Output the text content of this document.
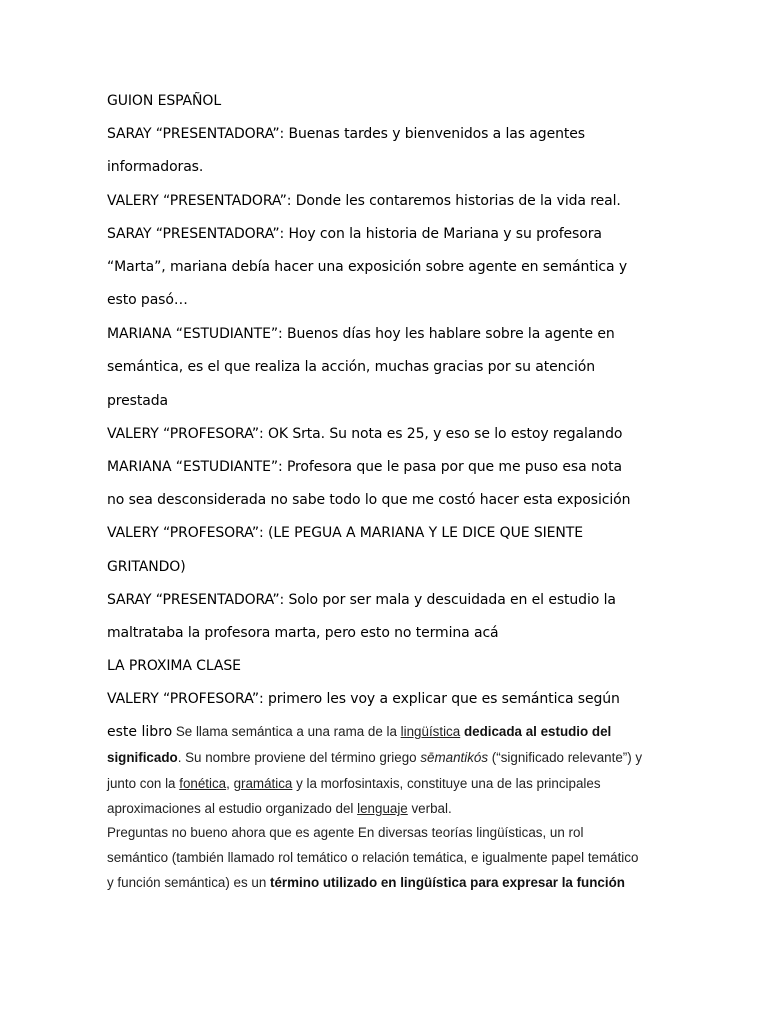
GUION ESPAÑOL
SARAY “PRESENTADORA”: Buenas tardes y bienvenidos a las agentes
informadoras.
VALERY “PRESENTADORA”: Donde les contaremos historias de la vida real.
SARAY “PRESENTADORA”: Hoy con la historia de Mariana y su profesora
“Marta”, mariana debía hacer una exposición sobre agente en semántica y
esto pasó…
MARIANA “ESTUDIANTE”: Buenos días hoy les hablare sobre la agente en
semántica, es el que realiza la acción, muchas gracias por su atención
prestada
VALERY “PROFESORA”: OK Srta. Su nota es 25, y eso se lo estoy regalando
MARIANA “ESTUDIANTE”: Profesora que le pasa por que me puso esa nota
no sea desconsiderada no sabe todo lo que me costó hacer esta exposición
VALERY “PROFESORA”: (LE PEGUA A MARIANA Y LE DICE QUE SIENTE
GRITANDO)
SARAY “PRESENTADORA”: Solo por ser mala y descuidada en el estudio la
maltrataba la profesora marta, pero esto no termina acá
LA PROXIMA CLASE
VALERY “PROFESORA”: primero les voy a explicar que es semántica según
este libro Se llama semántica a una rama de la lingüística dedicada al estudio del
significado. Su nombre proviene del término griego sēmantikós (“significado relevante”) y
junto con la fonética, gramática y la morfosintaxis, constituye una de las principales
aproximaciones al estudio organizado del lenguaje verbal.
Preguntas no bueno ahora que es agente En diversas teorías lingüísticas, un rol
semántico (también llamado rol temático o relación temática, e igualmente papel temático
y función semántica) es un término utilizado en lingüística para expresar la función
